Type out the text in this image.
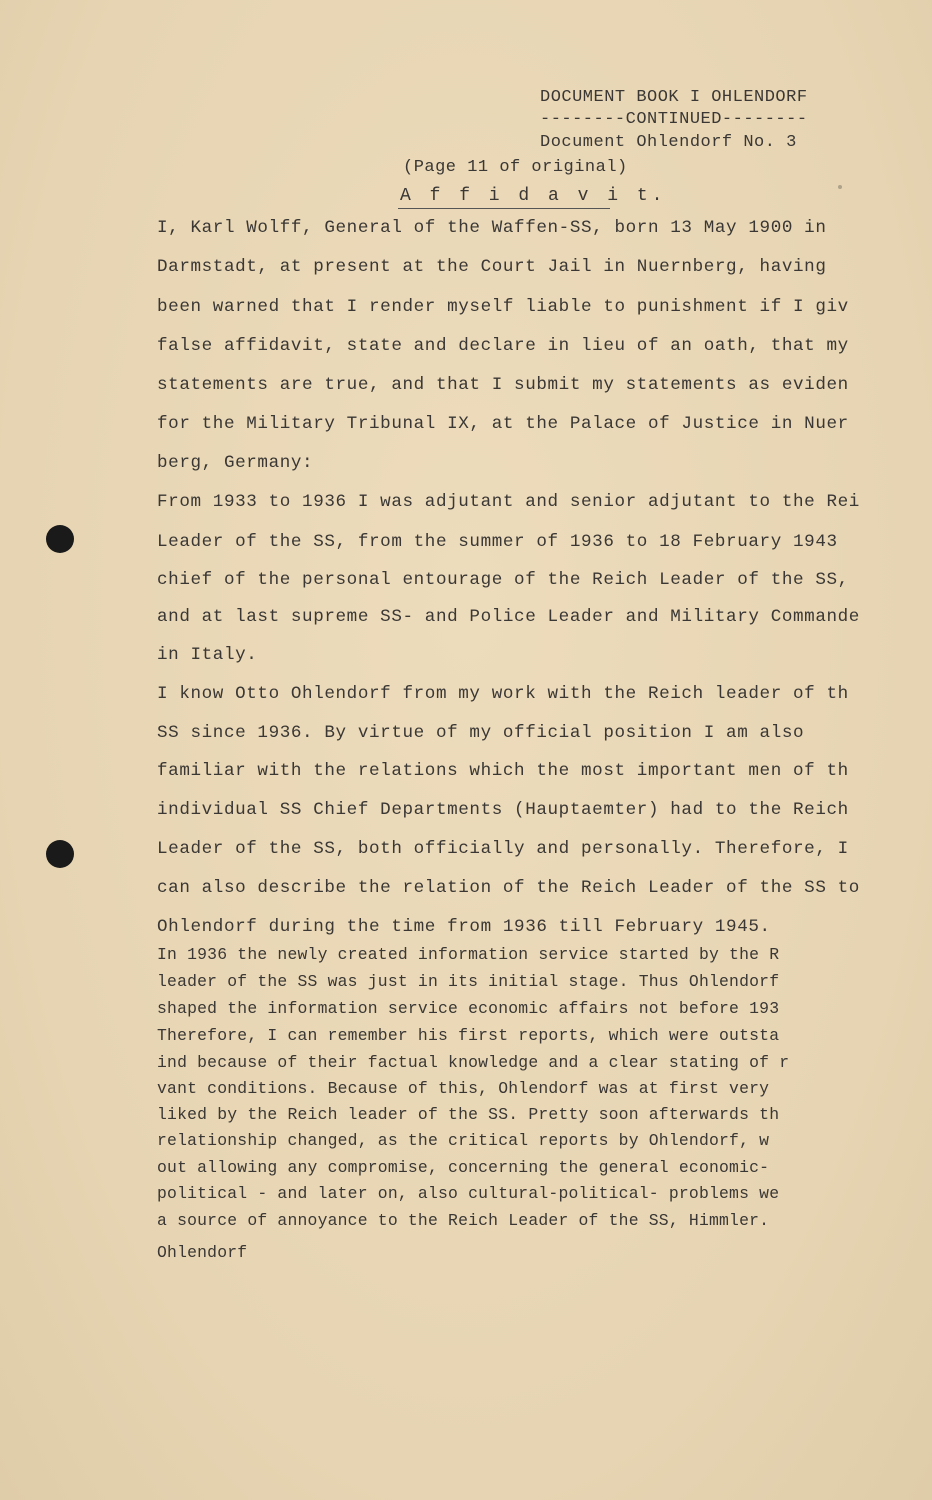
DOCUMENT BOOK I OHLENDORF
--------CONTINUED--------
Document Ohlendorf No. 3
(Page 11 of original)
A f f i d a v i t.
I, Karl Wolff, General of the Waffen-SS, born 13 May 1900 in
Darmstadt, at present at the Court Jail in Nuernberg, having
been warned that I render myself liable to punishment if I giv
false affidavit, state and declare in lieu of an oath, that my
statements are true, and that I submit my statements as eviden
for the Military Tribunal IX, at the Palace of Justice in Nuer
berg, Germany:
From 1933 to 1936 I was adjutant and senior adjutant to the Rei
Leader of the SS, from the summer of 1936 to 18 February 1943
chief of the personal entourage of the Reich Leader of the SS,
and at last supreme SS- and Police Leader and Military Commande
in Italy.
I know Otto Ohlendorf from my work with the Reich leader of th
SS since 1936. By virtue of my official position I am also
familiar with the relations which the most important men of th
individual SS Chief Departments (Hauptaemter) had to the Reich
Leader of the SS, both officially and personally. Therefore, I
can also describe the relation of the Reich Leader of the SS to
Ohlendorf during the time from 1936 till February 1945.
In 1936 the newly created information service started by the R
leader of the SS was just in its initial stage. Thus Ohlendorf
shaped the information service economic affairs not before 193
Therefore, I can remember his first reports, which were outsta
ind because of their factual knowledge and a clear stating of r
vant conditions. Because of this, Ohlendorf was at first very
liked by the Reich leader of the SS. Pretty soon afterwards th
relationship changed, as the critical reports by Ohlendorf, w
out allowing any compromise, concerning the general economic-
political - and later on, also cultural-political- problems we
a source of annoyance to the Reich Leader of the SS, Himmler.
Ohlendorf
